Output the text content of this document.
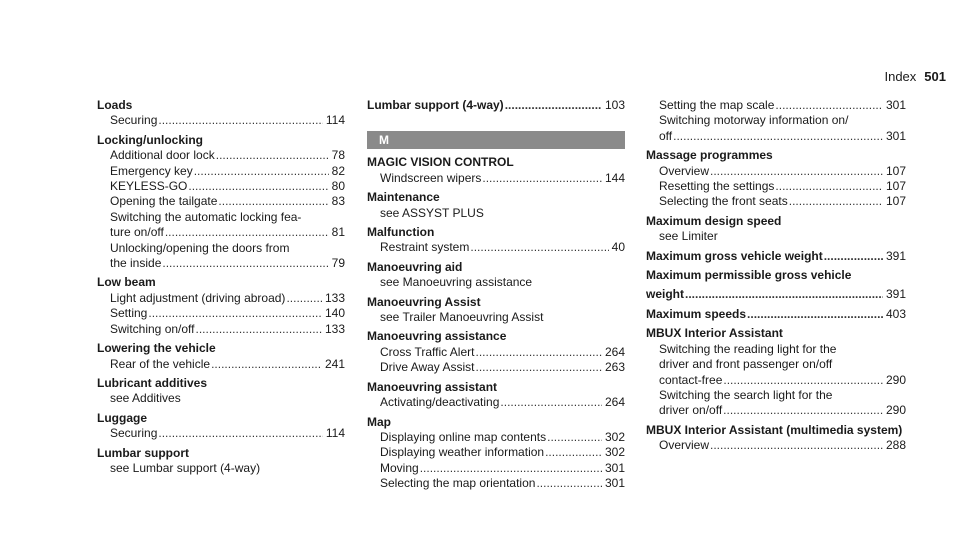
Index 501
Loads
Securing .....	114
Locking/unlocking
Additional door lock .....	78
Emergency key .....	82
KEYLESS-GO .....	80
Opening the tailgate .....	83
Switching the automatic locking fea-
ture on/off .....	81
Unlocking/opening the doors from
the inside .....	79
Low beam
Light adjustment (driving abroad) .....	133
Setting .....	140
Switching on/off .....	133
Lowering the vehicle
Rear of the vehicle .....	241
Lubricant additives
see Additives
Luggage
Securing .....	114
Lumbar support
see Lumbar support (4-way)
Lumbar support (4-way) .....	103
M
MAGIC VISION CONTROL
Windscreen wipers .....	144
Maintenance
see ASSYST PLUS
Malfunction
Restraint system .....	40
Manoeuvring aid
see Manoeuvring assistance
Manoeuvring Assist
see Trailer Manoeuvring Assist
Manoeuvring assistance
Cross Traffic Alert .....	264
Drive Away Assist .....	263
Manoeuvring assistant
Activating/deactivating .....	264
Map
Displaying online map contents .....	302
Displaying weather information .....	302
Moving .....	301
Selecting the map orientation .....	301
Setting the map scale .....	301
Switching motorway information on/
off .....	301
Massage programmes
Overview .....	107
Resetting the settings .....	107
Selecting the front seats .....	107
Maximum design speed
see Limiter
Maximum gross vehicle weight .....	391
Maximum permissible gross vehicle
weight .....	391
Maximum speeds .....	403
MBUX Interior Assistant
Switching the reading light for the
driver and front passenger on/off
contact-free .....	290
Switching the search light for the
driver on/off .....	290
MBUX Interior Assistant (multimedia system)
Overview .....	288
